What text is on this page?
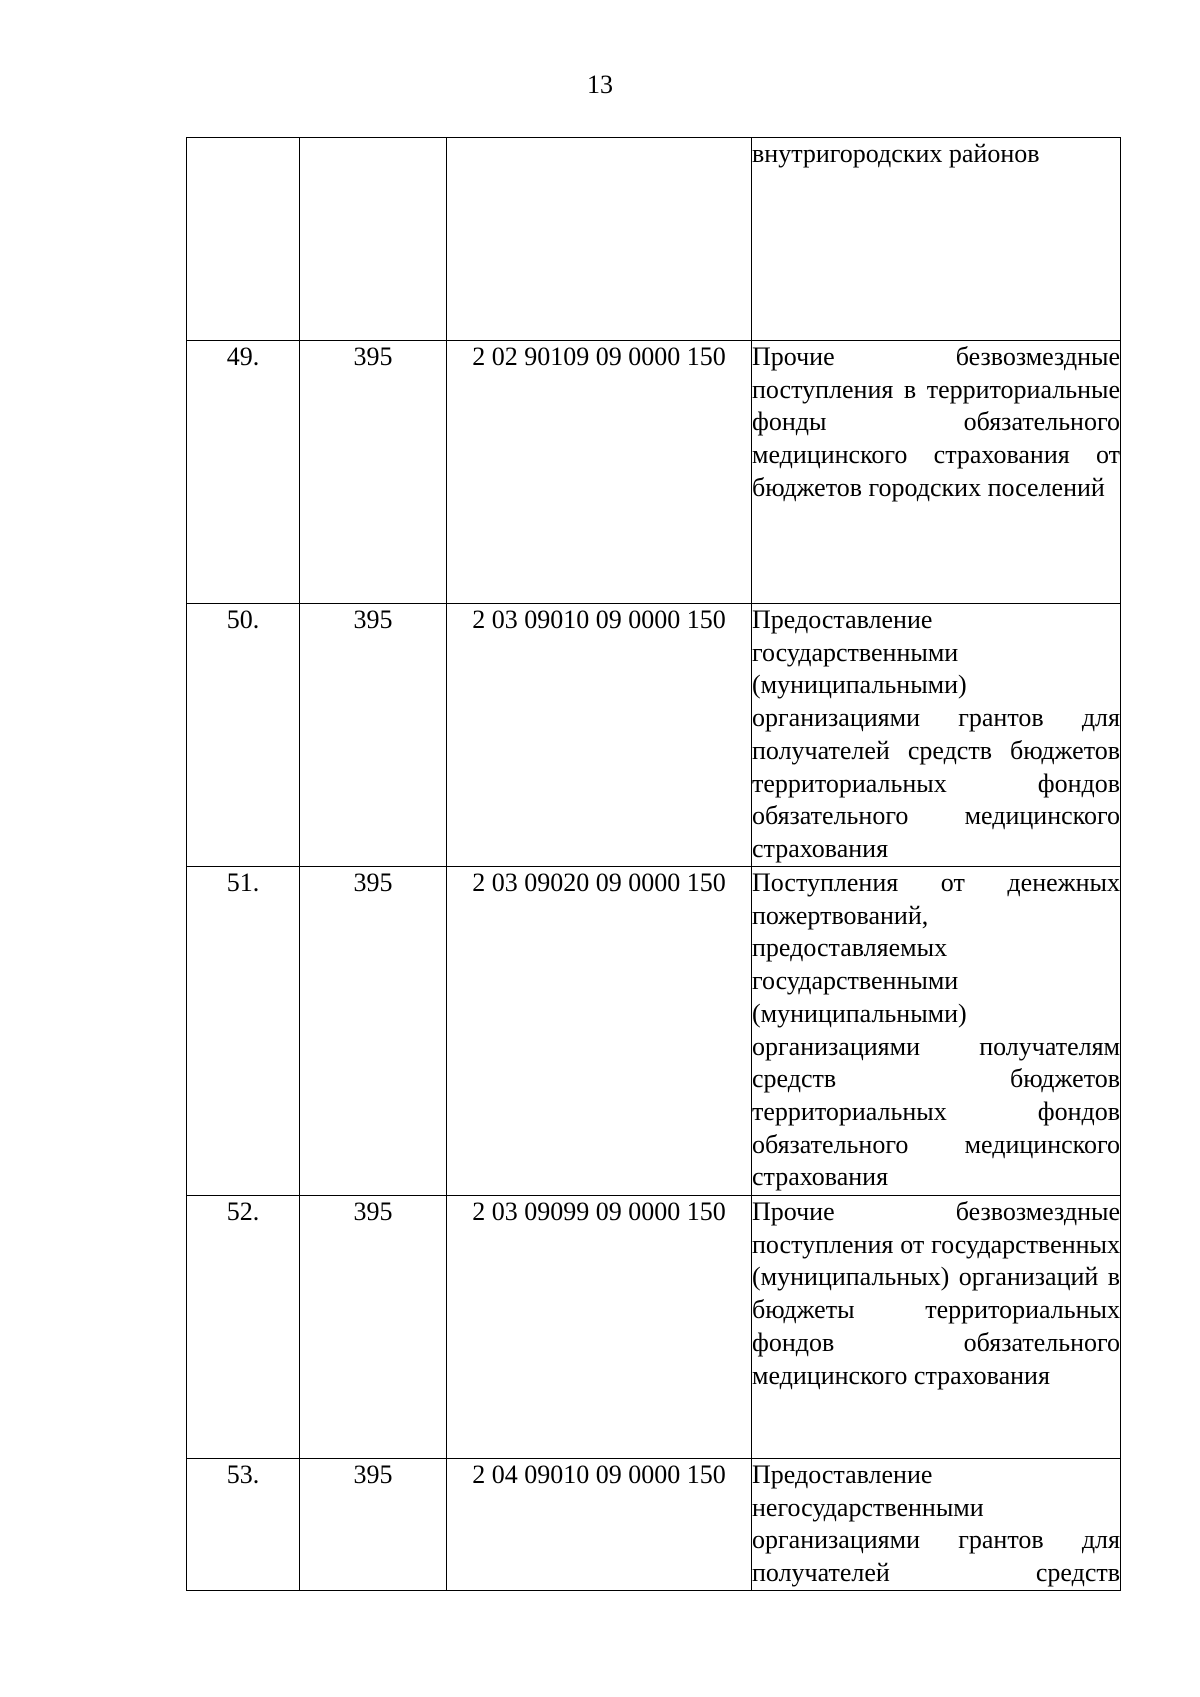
13

			внутригородских районов

49.	395	2 02 90109 09 0000 150	Прочие безвозмездные поступления в территориальные фонды обязательного медицинского страхования от бюджетов городских поселений

50.	395	2 03 09010 09 0000 150	Предоставление государственными (муниципальными) организациями грантов для получателей средств бюджетов территориальных фондов обязательного медицинского страхования

51.	395	2 03 09020 09 0000 150	Поступления от денежных пожертвований, предоставляемых государственными (муниципальными) организациями получателям средств бюджетов территориальных фондов обязательного медицинского страхования

52.	395	2 03 09099 09 0000 150	Прочие безвозмездные поступления от государственных (муниципальных) организаций в бюджеты территориальных фондов обязательного медицинского страхования

53.	395	2 04 09010 09 0000 150	Предоставление негосударственными организациями грантов для получателей средств
